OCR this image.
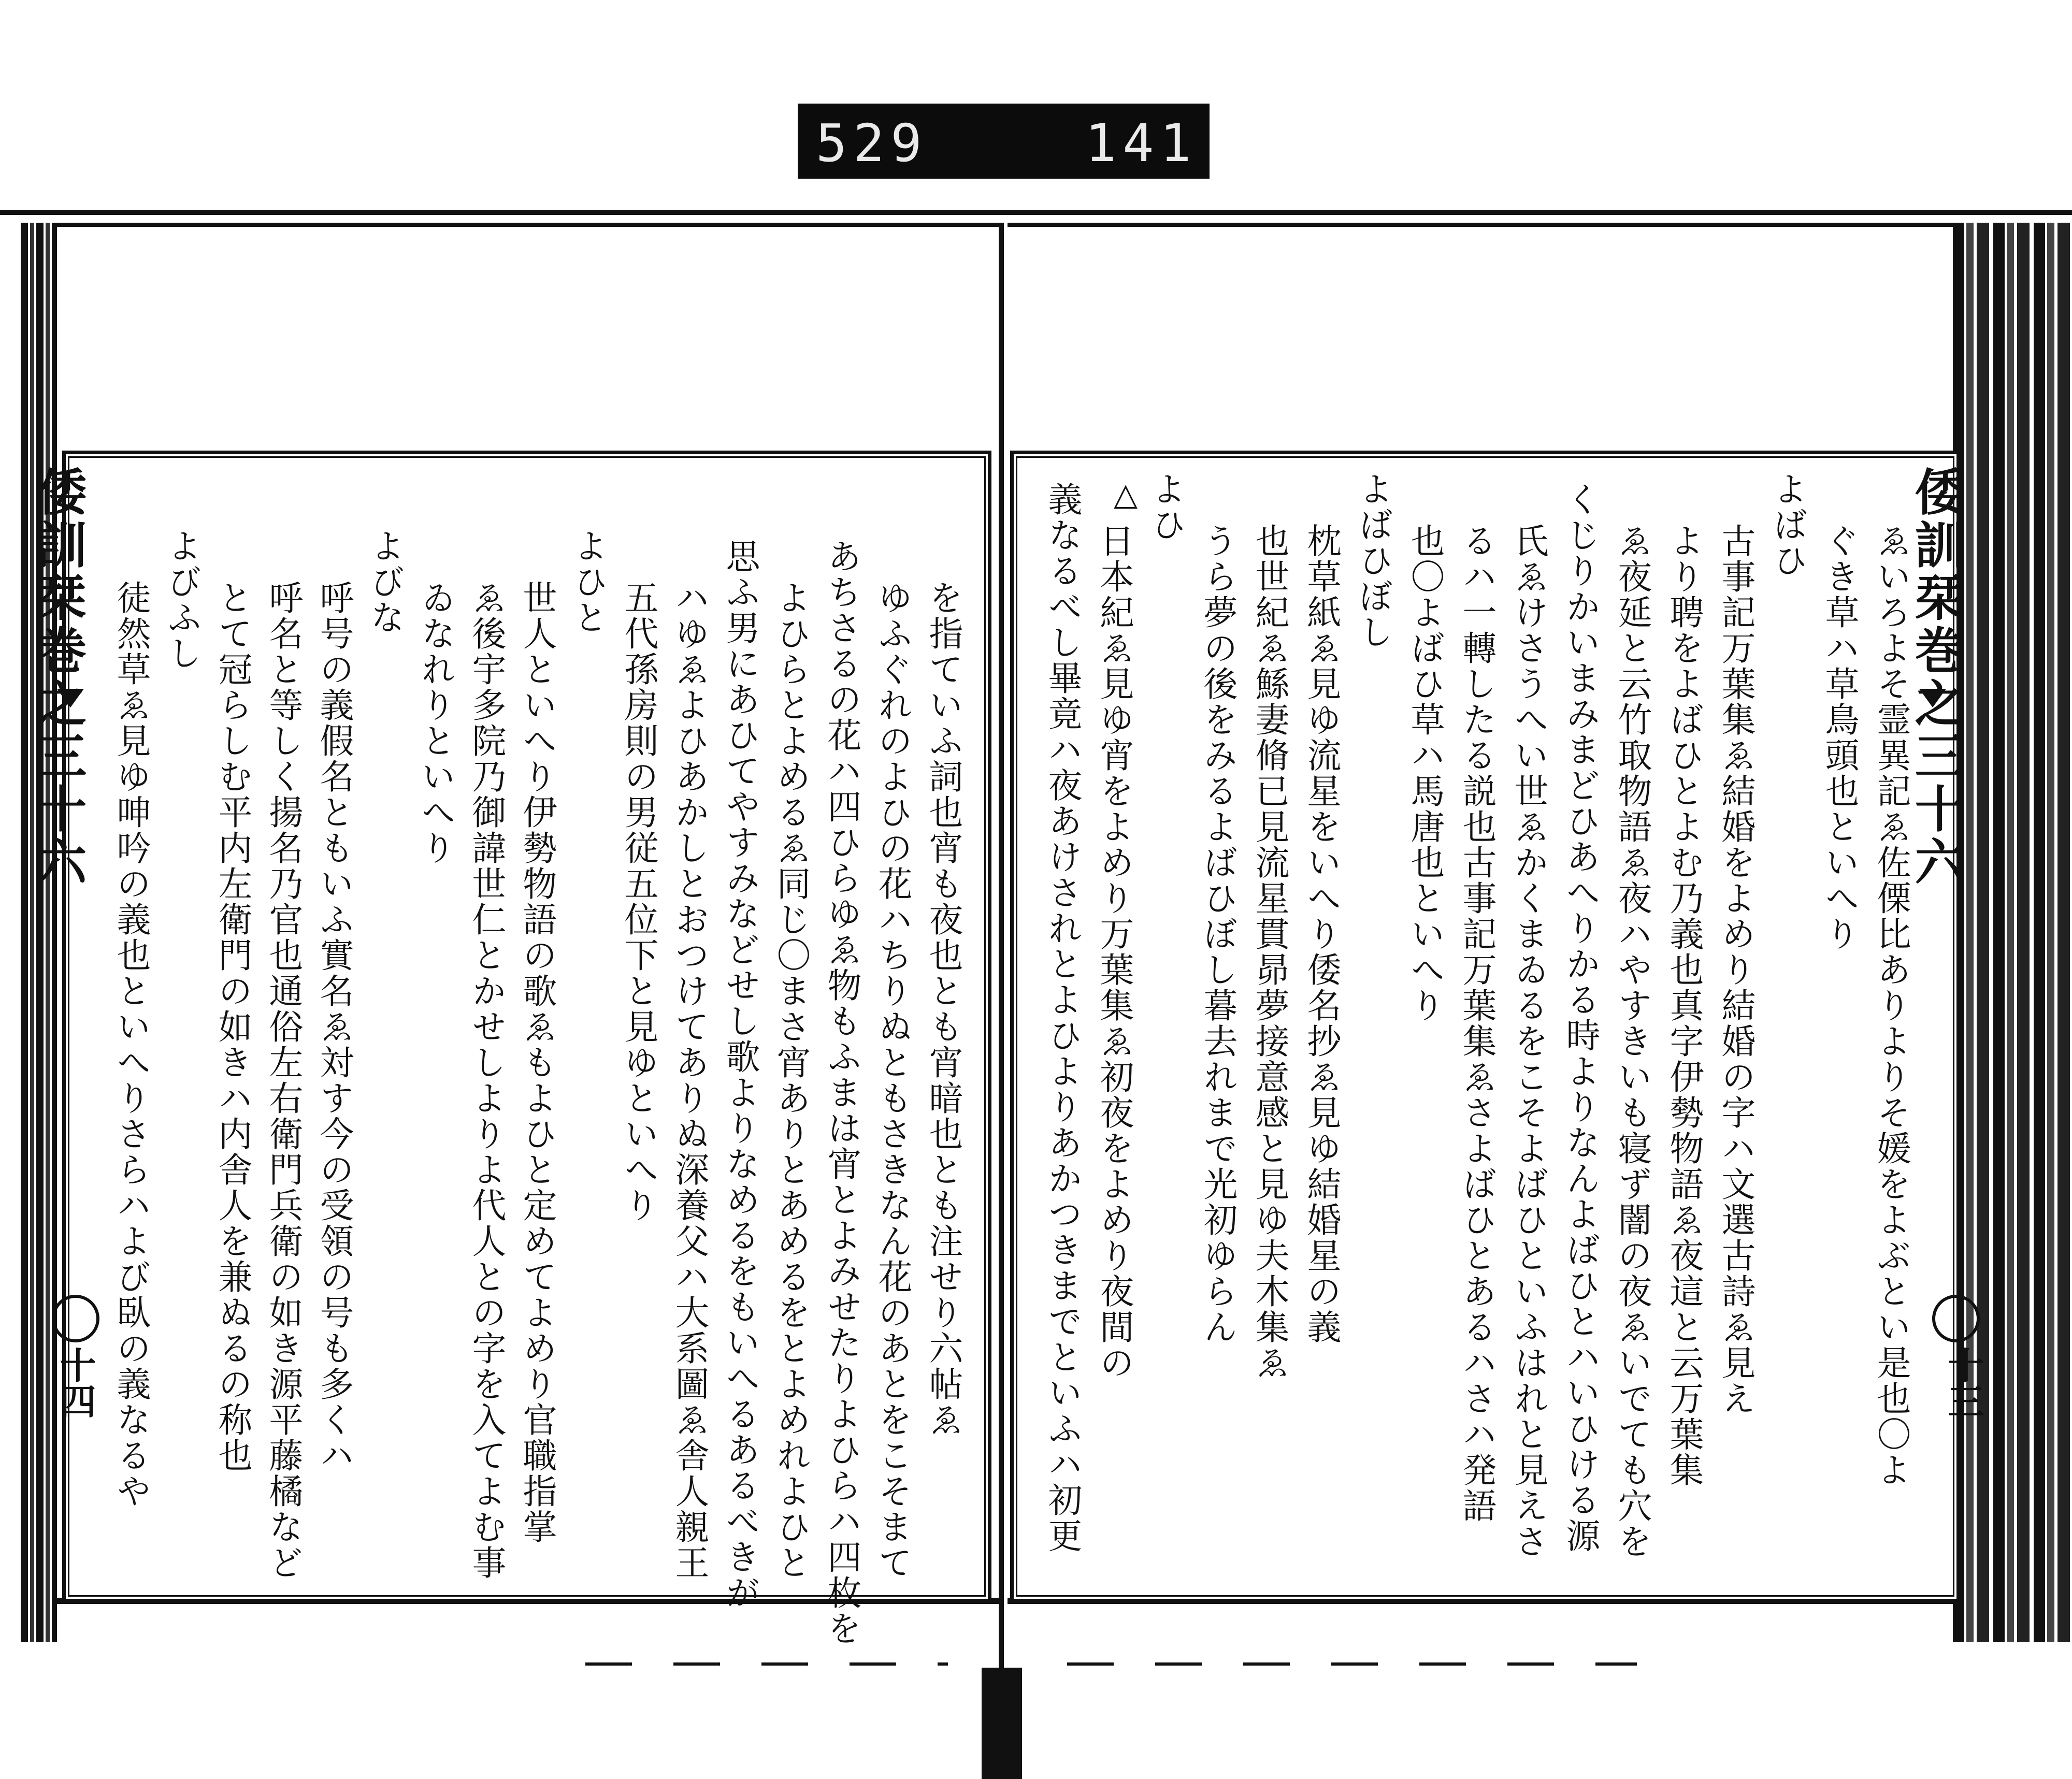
529	141
倭訓栞巻之三十六	倭訓栞巻之三十六
十四	十三
△
ゑいろよそ霊異記ゑ佐傈比ありよりそ媛をよぶとい是也〇よ
ぐき草ハ草鳥頭也といへり
よばひ
古事記万葉集ゑ結婚をよめり結婚の字ハ文選古詩ゑ見え
より聘をよばひとよむ乃義也真字伊勢物語ゑ夜這と云万葉集
ゑ夜延と云竹取物語ゑ夜ハやすきいも寝ず闇の夜ゑいでても穴を
くじりかいまみまどひあへりかる時よりなんよばひとハいひける源
氏ゑけさうへい世ゑかくまゐるをこそよばひといふはれと見えさ
るハ一轉したる説也古事記万葉集ゑさよばひとあるハさハ発語
也〇よばひ草ハ馬唐也といへり
よばひぼし
枕草紙ゑ見ゆ流星をいへり倭名抄ゑ見ゆ結婚星の義
也世紀ゑ鯀妻脩已見流星貫昴夢接意感と見ゆ夫木集ゑ
うら夢の後をみるよばひぼし暮去れまで光初ゆらん
よひ
日本紀ゑ見ゆ宵をよめり万葉集ゑ初夜をよめり夜間の
義なるべし畢竟ハ夜あけされとよひよりあかつきまでといふハ初更
を指ていふ詞也宵も夜也とも宵暗也とも注せり六帖ゑ
ゆふぐれのよひの花ハちりぬともさきなん花のあとをこそまて
あちさるの花ハ四ひらゆゑ物もふまは宵とよみせたりよひらハ四枚を
よひらとよめるゑ同じ〇まさ宵ありとあめるをとよめれよひと
思ふ男にあひてやすみなどせし歌よりなめるをもいへるあるべきが
ハゆゑよひあかしとおつけてありぬ深養父ハ大系圖ゑ舎人親王
五代孫房則の男従五位下と見ゆといへり
よひと
世人といへり伊勢物語の歌ゑもよひと定めてよめり官職指掌
ゑ後宇多院乃御諱世仁とかせしよりよ代人との字を入てよむ事
ゐなれりといへり
よびな
呼号の義假名ともいふ實名ゑ対す今の受領の号も多くハ
呼名と等しく揚名乃官也通俗左右衛門兵衛の如き源平藤橘など
とて冠らしむ平内左衛門の如きハ内舎人を兼ぬるの称也
よびふし
徒然草ゑ見ゆ呻吟の義也といへりさらハよび臥の義なるや
